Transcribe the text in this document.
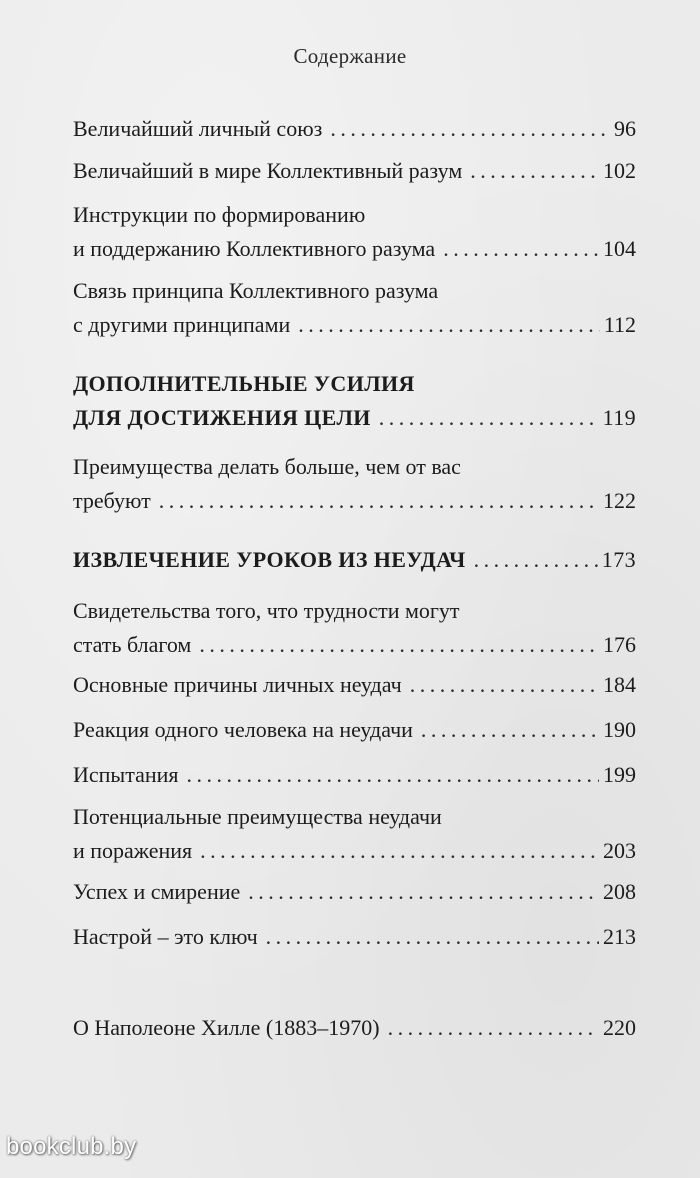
Содержание
Величайший личный союз . . .	96
Величайший в мире Коллективный разум . . .	102
Инструкции по формированию
и поддержанию Коллективного разума . . .	104
Связь принципа Коллективного разума
с другими принципами . . .	112
ДОПОЛНИТЕЛЬНЫЕ УСИЛИЯ
ДЛЯ ДОСТИЖЕНИЯ ЦЕЛИ . . .	119
Преимущества делать больше, чем от вас
требуют . . .	122
ИЗВЛЕЧЕНИЕ УРОКОВ ИЗ НЕУДАЧ . . .	173
Свидетельства того, что трудности могут
стать благом . . .	176
Основные причины личных неудач . . .	184
Реакция одного человека на неудачи . . .	190
Испытания . . .	199
Потенциальные преимущества неудачи
и поражения . . .	203
Успех и смирение . . .	208
Настрой – это ключ . . .	213
О Наполеоне Хилле (1883–1970) . . .	220
bookclub.by
